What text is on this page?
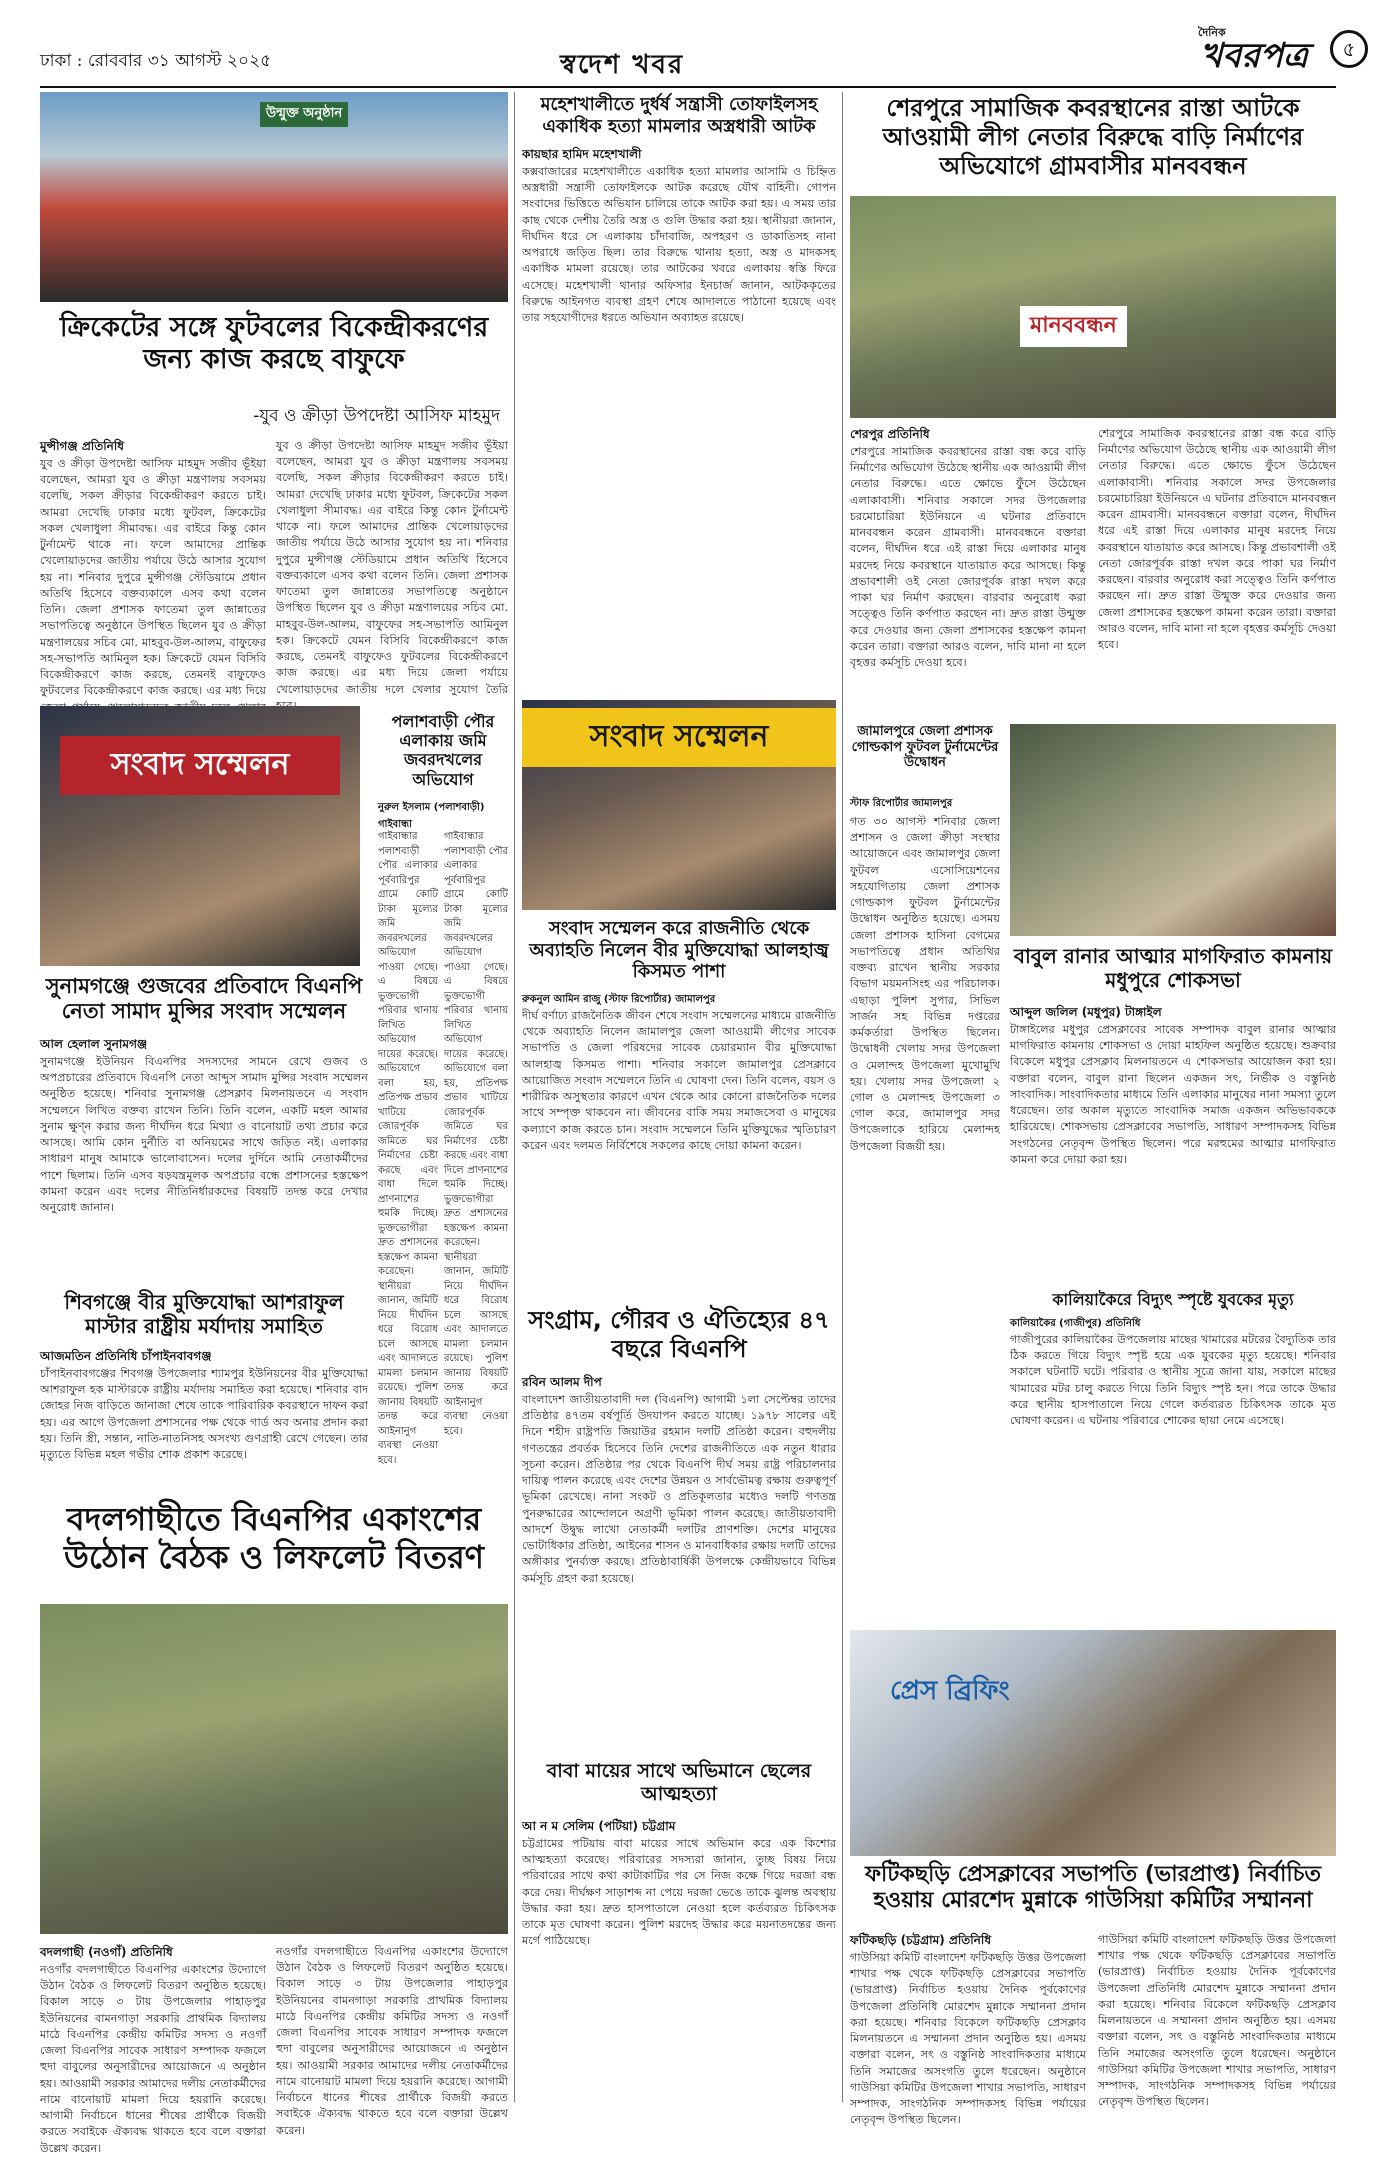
ঢাকা : রোববার ৩১ আগস্ট ২০২৫	স্বদেশ খবর
দৈনিক
খবরপত্র	৫
উন্মুক্ত অনুষ্ঠান
ক্রিকেটের সঙ্গে ফুটবলের বিকেন্দ্রীকরণের জন্য কাজ করছে বাফুফে
-যুব ও ক্রীড়া উপদেষ্টা আসিফ মাহমুদ
মুন্সীগঞ্জ প্রতিনিধি
যুব ও ক্রীড়া উপদেষ্টা আসিফ মাহমুদ সজীব ভূঁইয়া বলেছেন, আমরা যুব ও ক্রীড়া মন্ত্রণালয় সবসময় বলেছি, সকল ক্রীড়ার বিকেন্দ্রীকরণ করতে চাই। আমরা দেখেছি ঢাকার মধ্যে ফুটবল, ক্রিকেটের সকল খেলাধুলা সীমাবদ্ধ। এর বাইরে কিন্তু কোন টুর্নামেন্ট থাকে না। ফলে আমাদের প্রান্তিক খেলোয়াড়দের জাতীয় পর্যায়ে উঠে আসার সুযোগ হয় না। শনিবার দুপুরে মুন্সীগঞ্জ স্টেডিয়ামে প্রধান অতিথি হিসেবে বক্তব্যকালে এসব কথা বলেন তিনি। জেলা প্রশাসক ফাতেমা তুল জান্নাতের সভাপতিত্বে অনুষ্ঠানে উপস্থিত ছিলেন যুব ও ক্রীড়া মন্ত্রণালয়ের সচিব মো. মাহবুব-উল-আলম, বাফুফের সহ-সভাপতি আমিনুল হক। ক্রিকেটে যেমন বিসিবি বিকেন্দ্রীকরণে কাজ করছে, তেমনই বাফুফেও ফুটবলের বিকেন্দ্রীকরণে কাজ করছে। এর মধ্য দিয়ে
যুব ও ক্রীড়া উপদেষ্টা আসিফ মাহমুদ সজীব ভূঁইয়া বলেছেন, আমরা যুব ও ক্রীড়া মন্ত্রণালয় সবসময় বলেছি, সকল ক্রীড়ার বিকেন্দ্রীকরণ করতে চাই। আমরা দেখেছি ঢাকার মধ্যে ফুটবল, ক্রিকেটের সকল খেলাধুলা সীমাবদ্ধ। এর বাইরে কিন্তু কোন টুর্নামেন্ট থাকে না। ফলে আমাদের প্রান্তিক খেলোয়াড়দের জাতীয় পর্যায়ে উঠে আসার সুযোগ হয় না। শনিবার দুপুরে মুন্সীগঞ্জ স্টেডিয়ামে প্রধান অতিথি হিসেবে বক্তব্যকালে এসব কথা বলেন তিনি। জেলা প্রশাসক ফাতেমা তুল জান্নাতের সভাপতিত্বে অনুষ্ঠানে উপস্থিত ছিলেন যুব ও ক্রীড়া মন্ত্রণালয়ের সচিব মো. মাহবুব-উল-আলম, বাফুফের সহ-সভাপতি আমিনুল হক। ক্রিকেটে যেমন বিসিবি বিকেন্দ্রীকরণে কাজ করছে, তেমনই বাফুফেও ফুটবলের বিকেন্দ্রীকরণে কাজ করছে। এর মধ্য দিয়ে জেলা পর্যায়ে খেলোয়াড়দের জাতীয় দলে খেলার সুযোগ তৈরি
সংবাদ সম্মেলন
সুনামগঞ্জে গুজবের প্রতিবাদে বিএনপি নেতা সামাদ মুন্সির সংবাদ সম্মেলন
আল হেলাল সুনামগঞ্জ
সুনামগঞ্জে ইউনিয়ন বিএনপির সদস্যদের সামনে রেখে গুজব ও অপপ্রচারের প্রতিবাদে বিএনপি নেতা আব্দুস সামাদ মুন্সির সংবাদ সম্মেলন অনুষ্ঠিত হয়েছে। শনিবার সুনামগঞ্জ প্রেসক্লাব মিলনায়তনে এ সংবাদ সম্মেলনে লিখিত বক্তব্য রাখেন তিনি। তিনি বলেন, একটি মহল আমার সুনাম ক্ষুণ্ন করার জন্য দীর্ঘদিন ধরে মিথ্যা ও বানোয়াট তথ্য প্রচার করে আসছে। আমি কোন দুর্নীতি বা অনিয়মের সাথে জড়িত নই। এলাকার সাধারণ মানুষ আমাকে ভালোবাসেন। দলের দুর্দিনে আমি নেতাকর্মীদের পাশে ছিলাম। তিনি এসব ষড়যন্ত্রমূলক অপপ্রচার বন্ধে প্রশাসনের হস্তক্ষেপ কামনা করেন এবং দলের নীতিনির্ধারকদের বিষয়টি তদন্ত করে দেখার অনুরোধ জানান।
পলাশবাড়ী পৌর এলাকায় জমি জবরদখলের অভিযোগ
নুরুল ইসলাম (পলাশবাড়ী) গাইবান্ধা
গাইবান্ধার পলাশবাড়ী পৌর এলাকার পূর্ববারিপুর গ্রামে কোটি টাকা মূল্যের জমি জবরদখলের অভিযোগ পাওয়া গেছে। এ বিষয়ে ভুক্তভোগী পরিবার থানায় লিখিত অভিযোগ দায়ের করেছে। অভিযোগে বলা হয়, প্রতিপক্ষ প্রভাব খাটিয়ে জোরপূর্বক জমিতে ঘর নির্মাণের চেষ্টা করছে এবং বাধা দিলে প্রাণনাশের হুমকি দিচ্ছে। ভুক্তভোগীরা দ্রুত প্রশাসনের হস্তক্ষেপ কামনা করেছেন। স্থানীয়রা জানান, জমিটি নিয়ে দীর্ঘদিন ধরে বিরোধ চলে আসছে এবং আদালতে মামলা চলমান রয়েছে। পুলিশ জানায় বিষয়টি তদন্ত করে আইনানুগ ব্যবস্থা নেওয়া হবে।
গাইবান্ধার পলাশবাড়ী পৌর এলাকার পূর্ববারিপুর গ্রামে কোটি টাকা মূল্যের জমি জবরদখলের অভিযোগ পাওয়া গেছে। এ বিষয়ে ভুক্তভোগী পরিবার থানায় লিখিত অভিযোগ দায়ের করেছে। অভিযোগে বলা হয়, প্রতিপক্ষ প্রভাব খাটিয়ে জোরপূর্বক জমিতে ঘর নির্মাণের চেষ্টা করছে এবং বাধা দিলে প্রাণনাশের হুমকি দিচ্ছে। ভুক্তভোগীরা দ্রুত প্রশাসনের হস্তক্ষেপ কামনা করেছেন। স্থানীয়রা জানান, জমিটি নিয়ে দীর্ঘদিন ধরে বিরোধ চলে আসছে এবং আদালতে মামলা চলমান রয়েছে। পুলিশ জানায় বিষয়টি তদন্ত করে আইনানুগ ব্যবস্থা নেওয়া হবে।
শিবগঞ্জে বীর মুক্তিযোদ্ধা আশরাফুল মাস্টার রাষ্ট্রীয় মর্যাদায় সমাহিত
আজমতিন প্রতিনিধি চাঁপাইনবাবগঞ্জ
চাঁপাইনবাবগঞ্জের শিবগঞ্জ উপজেলার শ্যামপুর ইউনিয়নের বীর মুক্তিযোদ্ধা আশরাফুল হক মাস্টারকে রাষ্ট্রীয় মর্যাদায় সমাহিত করা হয়েছে। শনিবার বাদ জোহর নিজ বাড়িতে জানাজা শেষে তাকে পারিবারিক কবরস্থানে দাফন করা হয়। এর আগে উপজেলা প্রশাসনের পক্ষ থেকে গার্ড অব অনার প্রদান করা হয়। তিনি স্ত্রী, সন্তান, নাতি-নাতনিসহ অসংখ্য গুণগ্রাহী রেখে গেছেন। তার মৃত্যুতে বিভিন্ন মহল গভীর শোক প্রকাশ করেছে।
বদলগাছীতে বিএনপির একাংশের উঠোন বৈঠক ও লিফলেট বিতরণ
বদলগাছী (নওগাঁ) প্রতিনিধি
নওগাঁর বদলগাছীতে বিএনপির একাংশের উদ্যোগে উঠান বৈঠক ও লিফলেট বিতরণ অনুষ্ঠিত হয়েছে। বিকাল সাড়ে ৩ টায় উপজেলার পাহাড়পুর ইউনিয়নের বামনগাড়া সরকারি প্রাথমিক বিদ্যালয় মাঠে বিএনপির কেন্দ্রীয় কমিটির সদস্য ও নওগাঁ জেলা বিএনপির সাবেক সাধারণ সম্পাদক ফজলে হুদা বাবুলের অনুসারীদের আয়োজনে এ অনুষ্ঠান হয়। আওয়ামী সরকার আমাদের দলীয় নেতাকর্মীদের নামে বানোয়াট মামলা দিয়ে হয়রানি করেছে। আগামী নির্বাচনে ধানের শীষের প্রার্থীকে বিজয়ী করতে সবাইকে ঐক্যবদ্ধ থাকতে হবে বলে বক্তারা উল্লেখ করেন।
নওগাঁর বদলগাছীতে বিএনপির একাংশের উদ্যোগে উঠান বৈঠক ও লিফলেট বিতরণ অনুষ্ঠিত হয়েছে। বিকাল সাড়ে ৩ টায় উপজেলার পাহাড়পুর ইউনিয়নের বামনগাড়া সরকারি প্রাথমিক বিদ্যালয় মাঠে বিএনপির কেন্দ্রীয় কমিটির সদস্য ও নওগাঁ জেলা বিএনপির সাবেক সাধারণ সম্পাদক ফজলে হুদা বাবুলের অনুসারীদের আয়োজনে এ অনুষ্ঠান হয়। আওয়ামী সরকার আমাদের দলীয় নেতাকর্মীদের নামে বানোয়াট মামলা দিয়ে হয়রানি করেছে। আগামী নির্বাচনে ধানের শীষের প্রার্থীকে বিজয়ী করতে সবাইকে ঐক্যবদ্ধ থাকতে হবে বলে বক্তারা উল্লেখ করেন।
মহেশখালীতে দুর্ধর্ষ সন্ত্রাসী তোফাইলসহ একাধিক হত্যা মামলার অস্ত্রধারী আটক
কায়ছার হামিদ মহেশখালী
কক্সবাজারের মহেশখালীতে একাধিক হত্যা মামলার আসামি ও চিহ্নিত অস্ত্রধারী সন্ত্রাসী তোফাইলকে আটক করেছে যৌথ বাহিনী। গোপন সংবাদের ভিত্তিতে অভিযান চালিয়ে তাকে আটক করা হয়। এ সময় তার কাছ থেকে দেশীয় তৈরি অস্ত্র ও গুলি উদ্ধার করা হয়। স্থানীয়রা জানান, দীর্ঘদিন ধরে সে এলাকায় চাঁদাবাজি, অপহরণ ও ডাকাতিসহ নানা অপরাধে জড়িত ছিল। তার বিরুদ্ধে থানায় হত্যা, অস্ত্র ও মাদকসহ একাধিক মামলা রয়েছে। তার আটকের খবরে এলাকায় স্বস্তি ফিরে এসেছে। মহেশখালী থানার অফিসার ইনচার্জ জানান, আটককৃতের বিরুদ্ধে আইনগত ব্যবস্থা গ্রহণ শেষে আদালতে পাঠানো হয়েছে এবং তার সহযোগীদের ধরতে অভিযান অব্যাহত রয়েছে।
সংবাদ সম্মেলন
সংবাদ সম্মেলন করে রাজনীতি থেকে অব্যাহতি নিলেন বীর মুক্তিযোদ্ধা আলহাজ্ব কিসমত পাশা
রুকনুল আমিন রাজু (স্টাফ রিপোর্টার) জামালপুর
দীর্ঘ বর্ণাঢ্য রাজনৈতিক জীবন শেষে সংবাদ সম্মেলনের মাধ্যমে রাজনীতি থেকে অব্যাহতি নিলেন জামালপুর জেলা আওয়ামী লীগের সাবেক সভাপতি ও জেলা পরিষদের সাবেক চেয়ারম্যান বীর মুক্তিযোদ্ধা আলহাজ্ব কিসমত পাশা। শনিবার সকালে জামালপুর প্রেসক্লাবে আয়োজিত সংবাদ সম্মেলনে তিনি এ ঘোষণা দেন। তিনি বলেন, বয়স ও শারীরিক অসুস্থতার কারণে এখন থেকে আর কোনো রাজনৈতিক দলের সাথে সম্পৃক্ত থাকবেন না। জীবনের বাকি সময় সমাজসেবা ও মানুষের কল্যাণে কাজ করতে চান। সংবাদ সম্মেলনে তিনি মুক্তিযুদ্ধের স্মৃতিচারণ করেন এবং দলমত নির্বিশেষে সকলের কাছে দোয়া কামনা করেন।
সংগ্রাম, গৌরব ও ঐতিহ্যের ৪৭ বছরে বিএনপি
রবিন আলম দীপ
বাংলাদেশ জাতীয়তাবাদী দল (বিএনপি) আগামী ১লা সেপ্টেম্বর তাদের প্রতিষ্ঠার ৪৭তম বর্ষপূর্তি উদযাপন করতে যাচ্ছে। ১৯৭৮ সালের এই দিনে শহীদ রাষ্ট্রপতি জিয়াউর রহমান দলটি প্রতিষ্ঠা করেন। বহুদলীয় গণতন্ত্রের প্রবর্তক হিসেবে তিনি দেশের রাজনীতিতে এক নতুন ধারার সূচনা করেন। প্রতিষ্ঠার পর থেকে বিএনপি দীর্ঘ সময় রাষ্ট্র পরিচালনার দায়িত্ব পালন করেছে এবং দেশের উন্নয়ন ও সার্বভৌমত্ব রক্ষায় গুরুত্বপূর্ণ ভূমিকা রেখেছে। নানা সংকট ও প্রতিকূলতার মধ্যেও দলটি গণতন্ত্র পুনরুদ্ধারের আন্দোলনে অগ্রণী ভূমিকা পালন করেছে। জাতীয়তাবাদী আদর্শে উদ্বুদ্ধ লাখো নেতাকর্মী দলটির প্রাণশক্তি। দেশের মানুষের ভোটাধিকার প্রতিষ্ঠা, আইনের শাসন ও মানবাধিকার রক্ষায় দলটি তাদের অঙ্গীকার পুনর্ব্যক্ত করছে। প্রতিষ্ঠাবার্ষিকী উপলক্ষে কেন্দ্রীয়ভাবে বিভিন্ন কর্মসূচি গ্রহণ করা হয়েছে।
বাবা মায়ের সাথে অভিমানে ছেলের আত্মহত্যা
আ ন ম সেলিম (পটিয়া) চট্টগ্রাম
চট্টগ্রামের পটিয়ায় বাবা মায়ের সাথে অভিমান করে এক কিশোর আত্মহত্যা করেছে। পরিবারের সদস্যরা জানান, তুচ্ছ বিষয় নিয়ে পরিবারের সাথে কথা কাটাকাটির পর সে নিজ কক্ষে গিয়ে দরজা বন্ধ করে দেয়। দীর্ঘক্ষণ সাড়াশব্দ না পেয়ে দরজা ভেঙে তাকে ঝুলন্ত অবস্থায় উদ্ধার করা হয়। দ্রুত হাসপাতালে নেওয়া হলে কর্তব্যরত চিকিৎসক তাকে মৃত ঘোষণা করেন। পুলিশ মরদেহ উদ্ধার করে ময়নাতদন্তের জন্য মর্গে পাঠিয়েছে।
শেরপুরে সামাজিক কবরস্থানের রাস্তা আটকে আওয়ামী লীগ নেতার বিরুদ্ধে বাড়ি নির্মাণের অভিযোগে গ্রামবাসীর মানববন্ধন
মানববন্ধন
শেরপুর প্রতিনিধি
শেরপুরে সামাজিক কবরস্থানের রাস্তা বন্ধ করে বাড়ি নির্মাণের অভিযোগ উঠেছে স্থানীয় এক আওয়ামী লীগ নেতার বিরুদ্ধে। এতে ক্ষোভে ফুঁসে উঠেছেন এলাকাবাসী। শনিবার সকালে সদর উপজেলার চরমোচারিয়া ইউনিয়নে এ ঘটনার প্রতিবাদে মানববন্ধন করেন গ্রামবাসী। মানববন্ধনে বক্তারা বলেন, দীর্ঘদিন ধরে এই রাস্তা দিয়ে এলাকার মানুষ মরদেহ নিয়ে কবরস্থানে যাতায়াত করে আসছে। কিন্তু প্রভাবশালী ওই নেতা জোরপূর্বক রাস্তা দখল করে পাকা ঘর নির্মাণ করছেন। বারবার অনুরোধ করা সত্ত্বেও তিনি কর্ণপাত করছেন না। দ্রুত রাস্তা উন্মুক্ত করে দেওয়ার জন্য জেলা প্রশাসকের হস্তক্ষেপ কামনা করেন তারা। বক্তারা আরও বলেন, দাবি মানা না হলে বৃহত্তর কর্মসূচি দেওয়া হবে।
শেরপুরে সামাজিক কবরস্থানের রাস্তা বন্ধ করে বাড়ি নির্মাণের অভিযোগ উঠেছে স্থানীয় এক আওয়ামী লীগ নেতার বিরুদ্ধে। এতে ক্ষোভে ফুঁসে উঠেছেন এলাকাবাসী। শনিবার সকালে সদর উপজেলার চরমোচারিয়া ইউনিয়নে এ ঘটনার প্রতিবাদে মানববন্ধন করেন গ্রামবাসী। মানববন্ধনে বক্তারা বলেন, দীর্ঘদিন ধরে এই রাস্তা দিয়ে এলাকার মানুষ মরদেহ নিয়ে কবরস্থানে যাতায়াত করে আসছে। কিন্তু প্রভাবশালী ওই নেতা জোরপূর্বক রাস্তা দখল করে পাকা ঘর নির্মাণ করছেন। বারবার অনুরোধ করা সত্ত্বেও তিনি কর্ণপাত করছেন না। দ্রুত রাস্তা উন্মুক্ত করে দেওয়ার জন্য জেলা প্রশাসকের হস্তক্ষেপ কামনা করেন তারা। বক্তারা আরও বলেন, দাবি মানা না হলে বৃহত্তর কর্মসূচি দেওয়া হবে।
জামালপুরে জেলা প্রশাসক গোল্ডকাপ ফুটবল টুর্নামেন্টের উদ্বোধন
স্টাফ রিপোর্টার জামালপুর
গত ৩০ আগস্ট শনিবার জেলা প্রশাসন ও জেলা ক্রীড়া সংস্থার আয়োজনে এবং জামালপুর জেলা ফুটবল এসোসিয়েশনের সহযোগিতায় জেলা প্রশাসক গোল্ডকাপ ফুটবল টুর্নামেন্টের উদ্বোধন অনুষ্ঠিত হয়েছে। এসময় জেলা প্রশাসক হাসিনা বেগমের সভাপতিত্বে প্রধান অতিথির বক্তব্য রাখেন স্থানীয় সরকার বিভাগ ময়মনসিংহ এর পরিচালক। এছাড়া পুলিশ সুপার, সিভিল সার্জন সহ বিভিন্ন দপ্তরের কর্মকর্তারা উপস্থিত ছিলেন। উদ্বোধনী খেলায় সদর উপজেলা ও মেলান্দহ উপজেলা মুখোমুখি হয়। খেলায় সদর উপজেলা ২ গোল ও মেলান্দহ উপজেলা ৩ গোল করে, জামালপুর সদর উপজেলাকে হারিয়ে মেলান্দহ উপজেলা বিজয়ী হয়।
বাবুল রানার আত্মার মাগফিরাত কামনায় মধুপুরে শোকসভা
আব্দুল জলিল (মধুপুর) টাঙ্গাইল
টাঙ্গাইলের মধুপুর প্রেসক্লাবের সাবেক সম্পাদক বাবুল রানার আত্মার মাগফিরাত কামনায় শোকসভা ও দোয়া মাহফিল অনুষ্ঠিত হয়েছে। শুক্রবার বিকেলে মধুপুর প্রেসক্লাব মিলনায়তনে এ শোকসভার আয়োজন করা হয়। বক্তারা বলেন, বাবুল রানা ছিলেন একজন সৎ, নির্ভীক ও বস্তুনিষ্ঠ সাংবাদিক। সাংবাদিকতার মাধ্যমে তিনি এলাকার মানুষের নানা সমস্যা তুলে ধরেছেন। তার অকাল মৃত্যুতে সাংবাদিক সমাজ একজন অভিভাবককে হারিয়েছে। শোকসভায় প্রেসক্লাবের সভাপতি, সাধারণ সম্পাদকসহ বিভিন্ন সংগঠনের নেতৃবৃন্দ উপস্থিত ছিলেন। পরে মরহুমের আত্মার মাগফিরাত কামনা করে দোয়া করা হয়।
কালিয়াকৈরে বিদ্যুৎ স্পৃষ্টে যুবকের মৃত্যু
কালিয়াকৈর (গাজীপুর) প্রতিনিধি
গাজীপুরের কালিয়াকৈর উপজেলায় মাছের খামারের মটরের বৈদ্যুতিক তার ঠিক করতে গিয়ে বিদ্যুৎ স্পৃষ্ট হয়ে এক যুবকের মৃত্যু হয়েছে। শনিবার সকালে ঘটনাটি ঘটে। পরিবার ও স্থানীয় সূত্রে জানা যায়, সকালে মাছের খামারের মটর চালু করতে গিয়ে তিনি বিদ্যুৎ স্পৃষ্ট হন। পরে তাকে উদ্ধার করে স্থানীয় হাসপাতালে নিয়ে গেলে কর্তব্যরত চিকিৎসক তাকে মৃত ঘোষণা করেন। এ ঘটনায় পরিবারে শোকের ছায়া নেমে এসেছে।
প্রেস ব্রিফিং
ফটিকছড়ি প্রেসক্লাবের সভাপতি (ভারপ্রাপ্ত) নির্বাচিত হওয়ায় মোরশেদ মুন্নাকে গাউসিয়া কমিটির সম্মাননা
ফটিকছড়ি (চট্টগ্রাম) প্রতিনিধি
গাউসিয়া কমিটি বাংলাদেশ ফটিকছড়ি উত্তর উপজেলা শাখার পক্ষ থেকে ফটিকছড়ি প্রেসক্লাবের সভাপতি (ভারপ্রাপ্ত) নির্বাচিত হওয়ায় দৈনিক পূর্বকোণের উপজেলা প্রতিনিধি মোরশেদ মুন্নাকে সম্মাননা প্রদান করা হয়েছে। শনিবার বিকেলে ফটিকছড়ি প্রেসক্লাব মিলনায়তনে এ সম্মাননা প্রদান অনুষ্ঠিত হয়। এসময় বক্তারা বলেন, সৎ ও বস্তুনিষ্ঠ সাংবাদিকতার মাধ্যমে তিনি সমাজের অসংগতি তুলে ধরেছেন। অনুষ্ঠানে গাউসিয়া কমিটির উপজেলা শাখার সভাপতি, সাধারণ সম্পাদক, সাংগঠনিক সম্পাদকসহ বিভিন্ন পর্যায়ের নেতৃবৃন্দ উপস্থিত ছিলেন।
গাউসিয়া কমিটি বাংলাদেশ ফটিকছড়ি উত্তর উপজেলা শাখার পক্ষ থেকে ফটিকছড়ি প্রেসক্লাবের সভাপতি (ভারপ্রাপ্ত) নির্বাচিত হওয়ায় দৈনিক পূর্বকোণের উপজেলা প্রতিনিধি মোরশেদ মুন্নাকে সম্মাননা প্রদান করা হয়েছে। শনিবার বিকেলে ফটিকছড়ি প্রেসক্লাব মিলনায়তনে এ সম্মাননা প্রদান অনুষ্ঠিত হয়। এসময় বক্তারা বলেন, সৎ ও বস্তুনিষ্ঠ সাংবাদিকতার মাধ্যমে তিনি সমাজের অসংগতি তুলে ধরেছেন। অনুষ্ঠানে গাউসিয়া কমিটির উপজেলা শাখার সভাপতি, সাধারণ সম্পাদক, সাংগঠনিক সম্পাদকসহ বিভিন্ন পর্যায়ের নেতৃবৃন্দ উপস্থিত ছিলেন।
